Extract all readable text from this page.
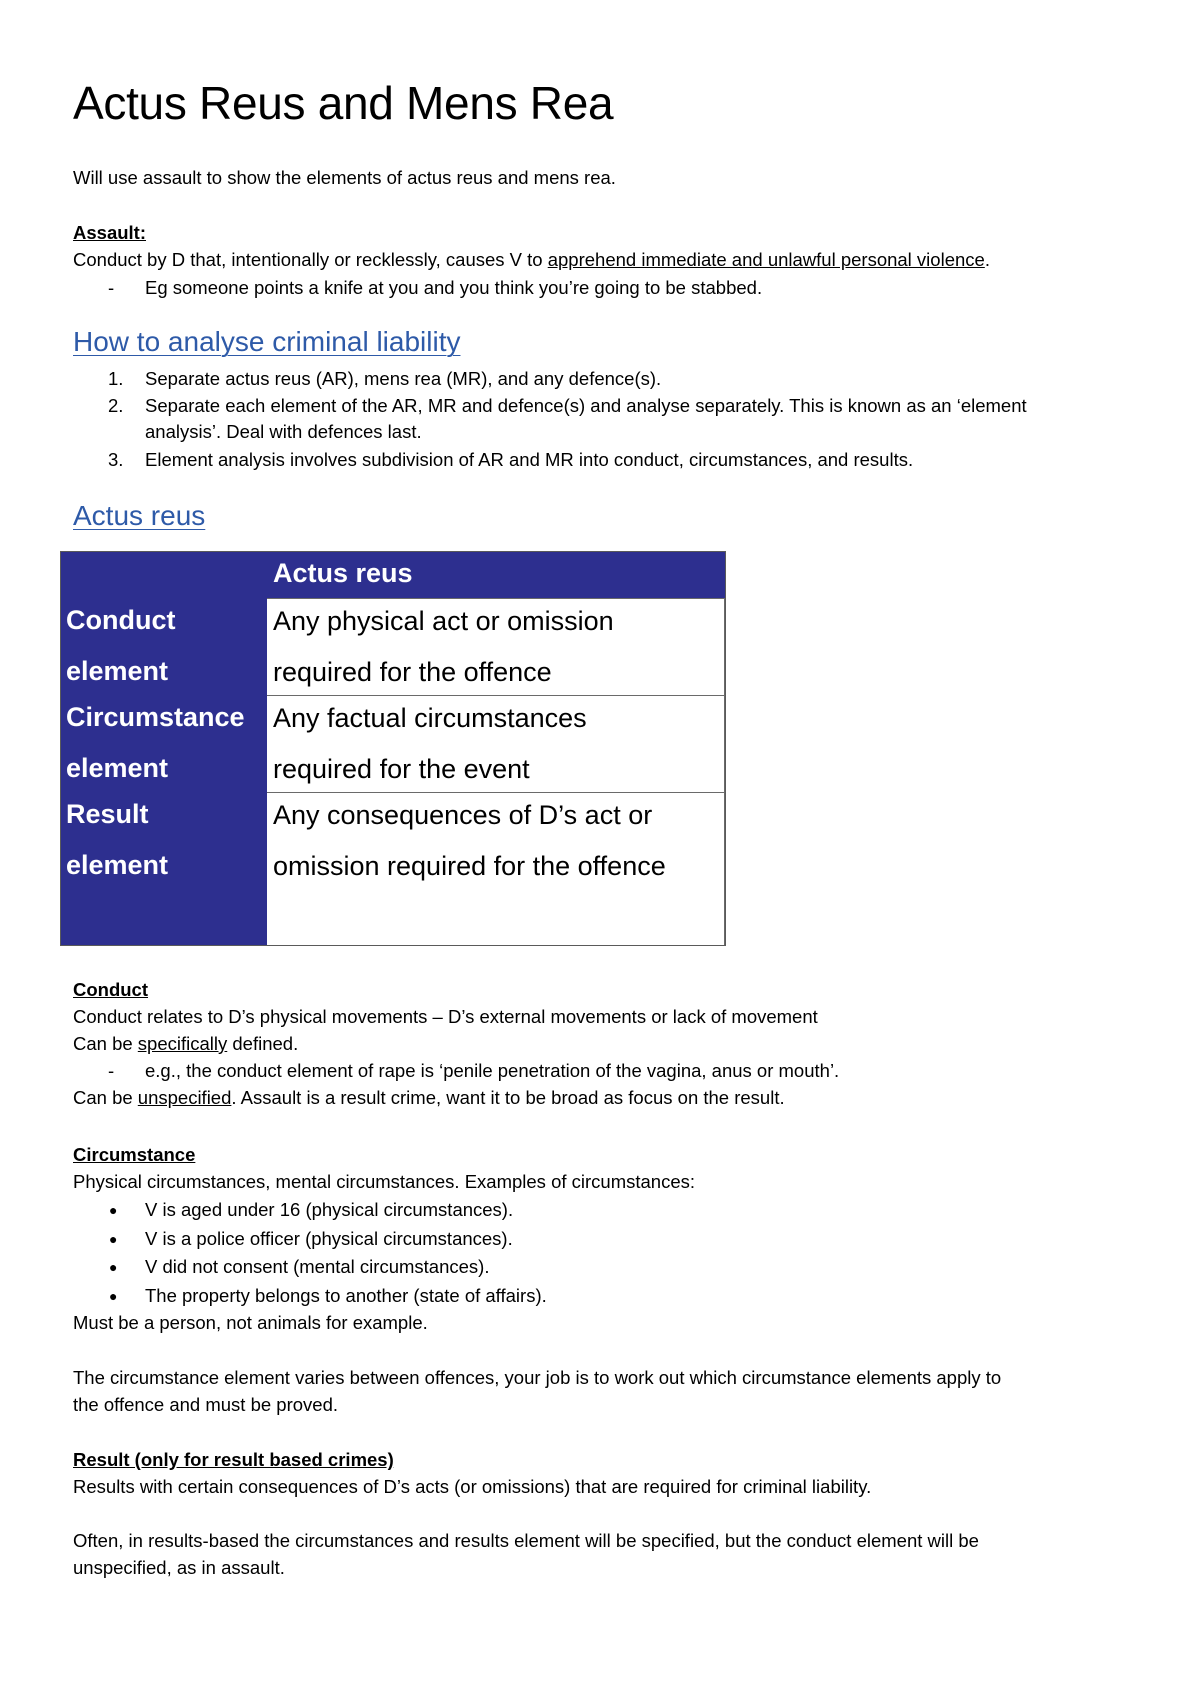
Actus Reus and Mens Rea
Will use assault to show the elements of actus reus and mens rea.
Assault:
Conduct by D that, intentionally or recklessly, causes V to apprehend immediate and unlawful personal violence.
- Eg someone points a knife at you and you think you’re going to be stabbed.
How to analyse criminal liability
1. Separate actus reus (AR), mens rea (MR), and any defence(s).
2. Separate each element of the AR, MR and defence(s) and analyse separately. This is known as an ‘element
analysis’. Deal with defences last.
3. Element analysis involves subdivision of AR and MR into conduct, circumstances, and results.
Actus reus
Actus reus
Any physical act or omission
required for the offence
Conduct
element
Any factual circumstances
required for the event
Circumstance
element
Any consequences of D’s act or
omission required for the offence
Result
element
Conduct
Conduct relates to D’s physical movements – D’s external movements or lack of movement
Can be specifically defined.
- e.g., the conduct element of rape is ‘penile penetration of the vagina, anus or mouth’.
Can be unspecified. Assault is a result crime, want it to be broad as focus on the result.
Circumstance
Physical circumstances, mental circumstances. Examples of circumstances:
● V is aged under 16 (physical circumstances).
● V is a police officer (physical circumstances).
● V did not consent (mental circumstances).
● The property belongs to another (state of affairs).
Must be a person, not animals for example.
The circumstance element varies between offences, your job is to work out which circumstance elements apply to
the offence and must be proved.
Result (only for result based crimes)
Results with certain consequences of D’s acts (or omissions) that are required for criminal liability.
Often, in results-based the circumstances and results element will be specified, but the conduct element will be
unspecified, as in assault.
